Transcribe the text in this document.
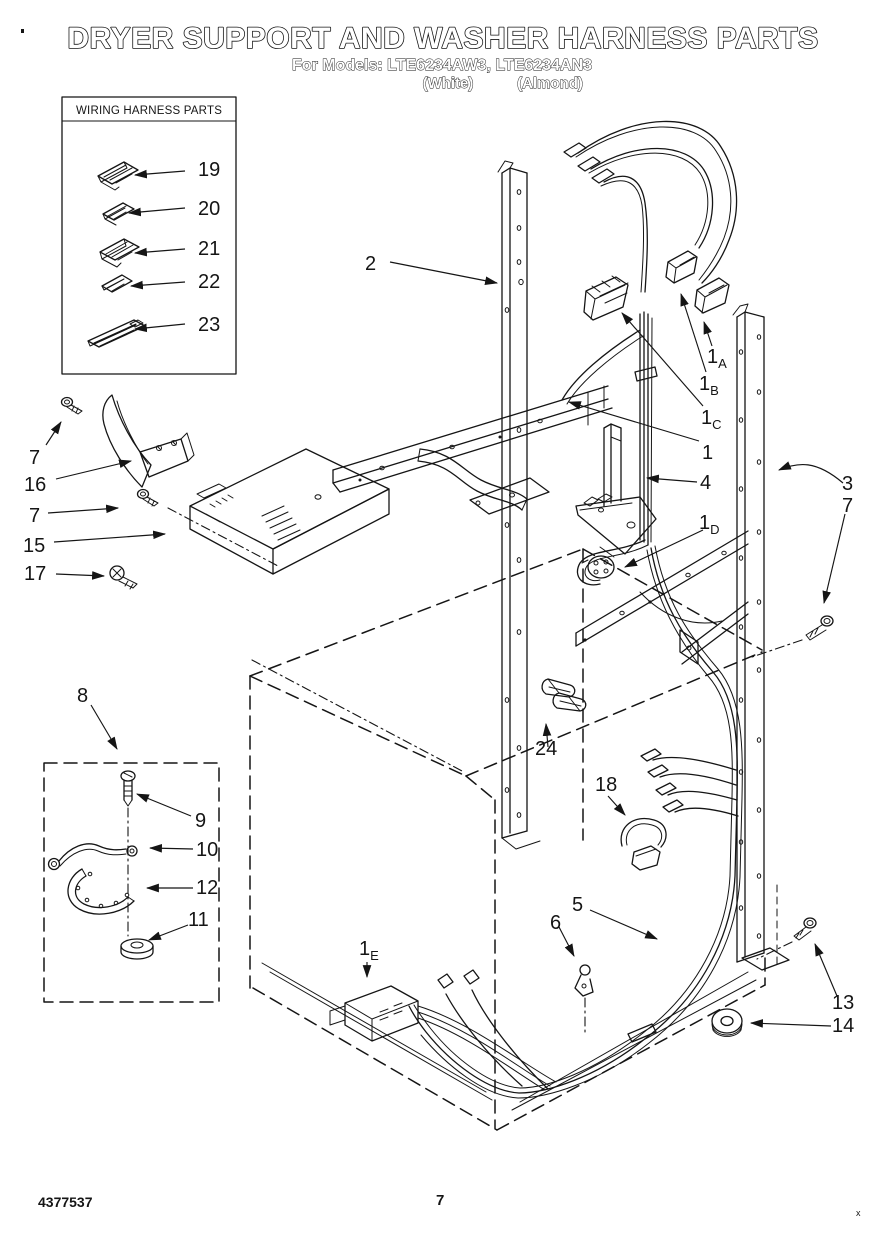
DRYER SUPPORT AND WASHER HARNESS PARTS
For Models: LTE6234AW3, LTE6234AN3
(White)	(Almond)
WIRING HARNESS PARTS
2
$1_A$
$1_B$
$1_C$
1
4	3
7
$1_D$
24
18
$1_E$
5
6
13
14
7
16
7
15
17
8
9
10
12
11
19
20
21
22
23
4377537	7
x
